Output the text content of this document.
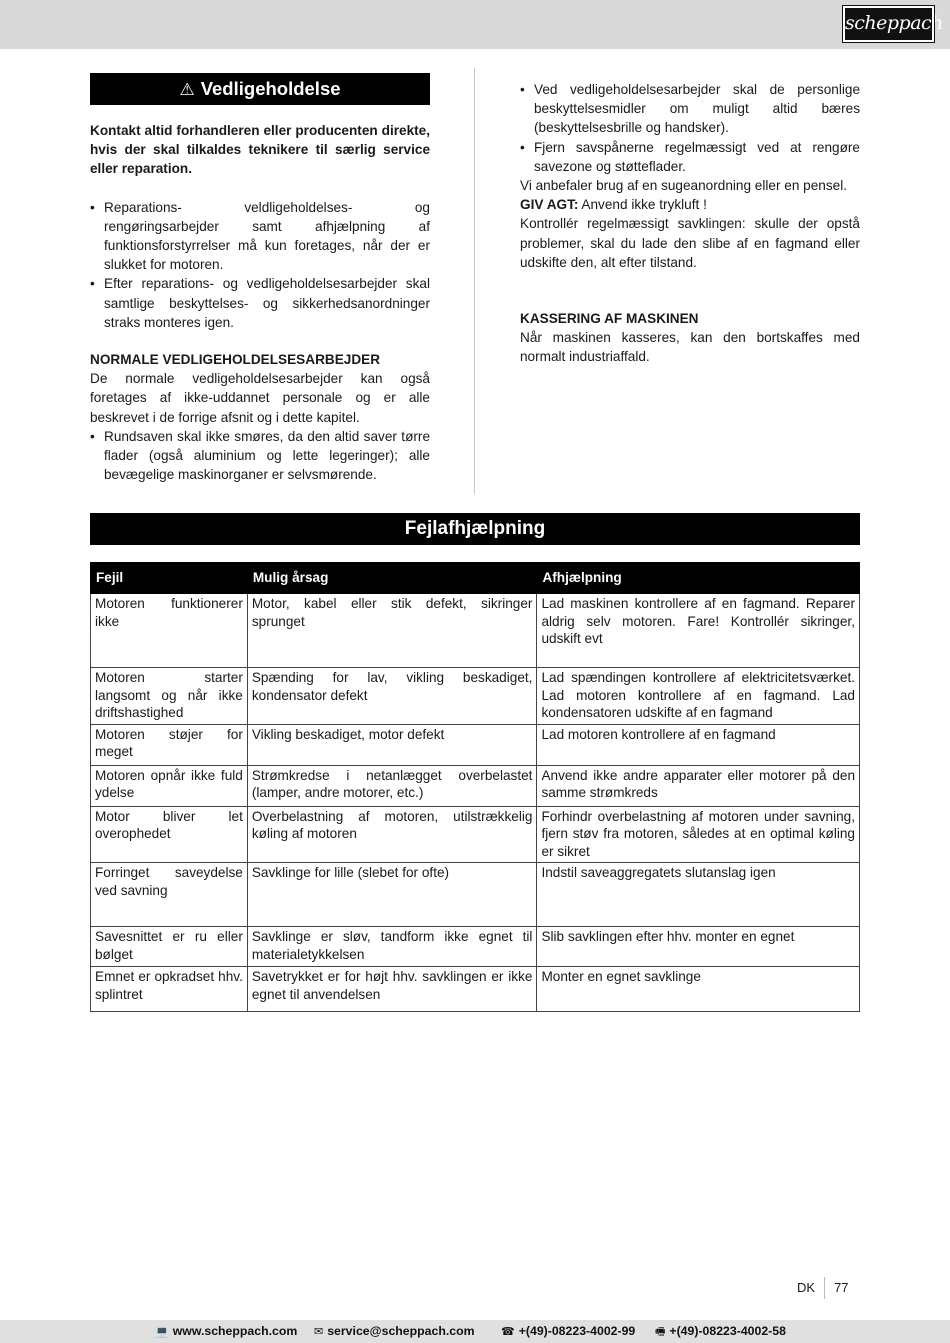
scheppach
⚠ Vedligeholdelse

Kontakt altid forhandleren eller producenten direkte, hvis der skal tilkaldes teknikere til særlig service eller reparation.

• Reparations- veldligeholdelses- og rengøringsarbejder samt afhjælpning af funktionsforstyrrelser må kun foretages, når der er slukket for motoren.
• Efter reparations- og vedligeholdelsesarbejder skal samtlige beskyttelses- og sikkerhedsanordninger straks monteres igen.

NORMALE VEDLIGEHOLDELSESARBEJDER

De normale vedligeholdelsesarbejder kan også foretages af ikke-uddannet personale og er alle beskrevet i de forrige afsnit og i dette kapitel.

• Rundsaven skal ikke smøres, da den altid saver tørre flader (også aluminium og lette legeringer); alle bevægelige maskinorganer er selvsmørende.
• Ved vedligeholdelsesarbejder skal de personlige beskyttelsesmidler om muligt altid bæres (beskyttelsesbrille og handsker).
• Fjern savspånerne regelmæssigt ved at rengøre savezone og støtteflader.

Vi anbefaler brug af en sugeanordning eller en pensel.

GIV AGT: Anvend ikke trykluft !

Kontrollér regelmæssigt savklingen: skulle der opstå problemer, skal du lade den slibe af en fagmand eller udskifte den, alt efter tilstand.

KASSERING AF MASKINEN

Når maskinen kasseres, kan den bortskaffes med normalt industriaffald.

Fejlafhjælpning
Fejil	Mulig årsag	Afhjælpning
Motoren funktionerer ikke	Motor, kabel eller stik defekt, sikringer sprunget	Lad maskinen kontrollere af en fagmand. Reparer aldrig selv motoren. Fare! Kontrollér sikringer, udskift evt
Motoren starter langsomt og når ikke driftshastighed	Spænding for lav, vikling beskadiget, kondensator defekt	Lad spændingen kontrollere af elektricitetsværket. Lad motoren kontrollere af en fagmand. Lad kondensatoren udskifte af en fagmand
Motoren støjer for meget	Vikling beskadiget, motor defekt	Lad motoren kontrollere af en fagmand
Motoren opnår ikke fuld ydelse	Strømkredse i netanlægget overbelastet (lamper, andre motorer, etc.)	Anvend ikke andre apparater eller motorer på den samme strømkreds
Motor bliver let overophedet	Overbelastning af motoren, utilstrækkelig køling af motoren	Forhindr overbelastning af motoren under savning, fjern støv fra motoren, således at en optimal køling er sikret
Forringet saveydelse ved savning	Savklinge for lille (slebet for ofte)	Indstil saveaggregatets slutanslag igen
Savesnittet er ru eller bølget	Savklinge er sløv, tandform ikke egnet til materialetykkelsen	Slib savklingen efter hhv. monter en egnet
Emnet er opkradset hhv. splintret	Savetrykket er for højt hhv. savklingen er ikke egnet til anvendelsen	Monter en egnet savklinge
DK 77
💻 www.scheppach.com ✉ service@scheppach.com ☎ +(49)-08223-4002-99 🖷 +(49)-08223-4002-58
